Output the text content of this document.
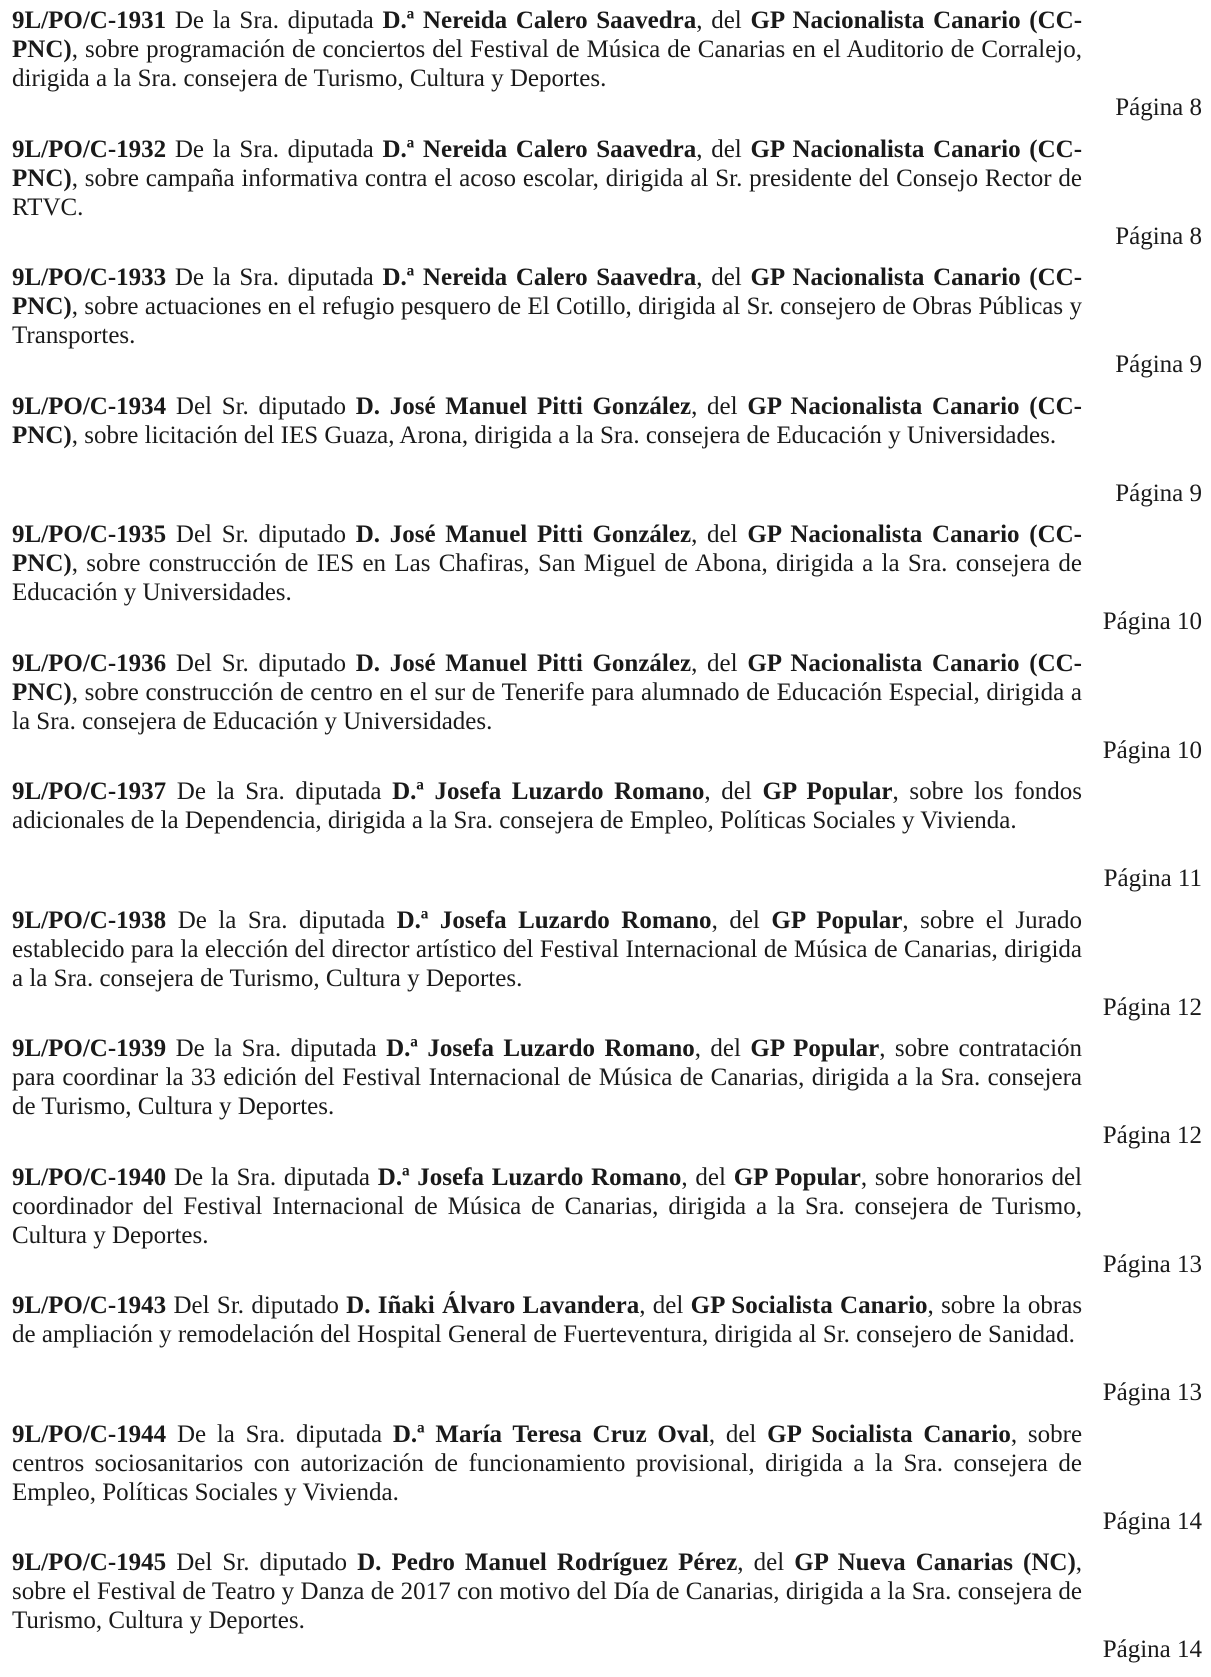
9L/PO/C-1931 De la Sra. diputada D.ª Nereida Calero Saavedra, del GP Nacionalista Canario (CC-PNC), sobre programación de conciertos del Festival de Música de Canarias en el Auditorio de Corralejo, dirigida a la Sra. consejera de Turismo, Cultura y Deportes.

Página 8

9L/PO/C-1932 De la Sra. diputada D.ª Nereida Calero Saavedra, del GP Nacionalista Canario (CC-PNC), sobre campaña informativa contra el acoso escolar, dirigida al Sr. presidente del Consejo Rector de RTVC.

Página 8

9L/PO/C-1933 De la Sra. diputada D.ª Nereida Calero Saavedra, del GP Nacionalista Canario (CC-PNC), sobre actuaciones en el refugio pesquero de El Cotillo, dirigida al Sr. consejero de Obras Públicas y Transportes.

Página 9

9L/PO/C-1934 Del Sr. diputado D. José Manuel Pitti González, del GP Nacionalista Canario (CC-PNC), sobre licitación del IES Guaza, Arona, dirigida a la Sra. consejera de Educación y Universidades.

Página 9

9L/PO/C-1935 Del Sr. diputado D. José Manuel Pitti González, del GP Nacionalista Canario (CC-PNC), sobre construcción de IES en Las Chafiras, San Miguel de Abona, dirigida a la Sra. consejera de Educación y Universidades.

Página 10

9L/PO/C-1936 Del Sr. diputado D. José Manuel Pitti González, del GP Nacionalista Canario (CC-PNC), sobre construcción de centro en el sur de Tenerife para alumnado de Educación Especial, dirigida a la Sra. consejera de Educación y Universidades.

Página 10

9L/PO/C-1937 De la Sra. diputada D.ª Josefa Luzardo Romano, del GP Popular, sobre los fondos adicionales de la Dependencia, dirigida a la Sra. consejera de Empleo, Políticas Sociales y Vivienda.

Página 11

9L/PO/C-1938 De la Sra. diputada D.ª Josefa Luzardo Romano, del GP Popular, sobre el Jurado establecido para la elección del director artístico del Festival Internacional de Música de Canarias, dirigida a la Sra. consejera de Turismo, Cultura y Deportes.

Página 12

9L/PO/C-1939 De la Sra. diputada D.ª Josefa Luzardo Romano, del GP Popular, sobre contratación para coordinar la 33 edición del Festival Internacional de Música de Canarias, dirigida a la Sra. consejera de Turismo, Cultura y Deportes.

Página 12

9L/PO/C-1940 De la Sra. diputada D.ª Josefa Luzardo Romano, del GP Popular, sobre honorarios del coordinador del Festival Internacional de Música de Canarias, dirigida a la Sra. consejera de Turismo, Cultura y Deportes.

Página 13

9L/PO/C-1943 Del Sr. diputado D. Iñaki Álvaro Lavandera, del GP Socialista Canario, sobre la obras de ampliación y remodelación del Hospital General de Fuerteventura, dirigida al Sr. consejero de Sanidad.

Página 13

9L/PO/C-1944 De la Sra. diputada D.ª María Teresa Cruz Oval, del GP Socialista Canario, sobre centros sociosanitarios con autorización de funcionamiento provisional, dirigida a la Sra. consejera de Empleo, Políticas Sociales y Vivienda.

Página 14

9L/PO/C-1945 Del Sr. diputado D. Pedro Manuel Rodríguez Pérez, del GP Nueva Canarias (NC), sobre el Festival de Teatro y Danza de 2017 con motivo del Día de Canarias, dirigida a la Sra. consejera de Turismo, Cultura y Deportes.

Página 14
